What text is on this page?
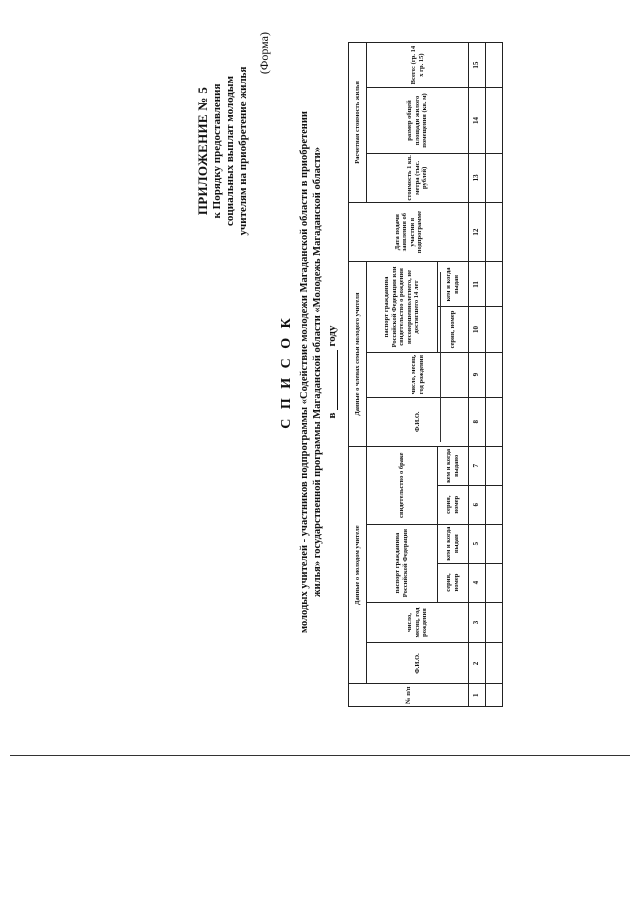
ПРИЛОЖЕНИЕ № 5 к Порядку предоставления социальных выплат молодым учителям на приобретение жилья
(Форма)
С П И С О К молодых учителей - участников подпрограммы «Содействие молодежи Магаданской области в приобретении жилья» государственной программы Магаданской области «Молодежь Магаданской области» вгоду
№ п/п	Данные о молодом учителе						Данные о членах семьи молодого учителя				Дата подачи заявления об участии в подпрограмме	Расчетная стоимость жилья		
	Ф.И.О.	число, месяц, год рождения	паспорт гражданина Российской Федерации		свидетельство о браке		Ф.И.О.	число, месяц, год рождения	паспорт гражданина Российской Федерации или свидетельство о рождении несовершеннолетнего, не достигшего 14 лет			стоимость 1 кв. метра (тыс. рублей)	размер общей площади жилого помещения (кв. м)	Всего: (гр. 14 х гр. 15)
			серия, номер	кем и когда выдан	серия, номер	кем и когда выдано			серия, номер	кем и когда выдан				
1	2	3	4	5	6	7	8	9	10	11	12	13	14	15
